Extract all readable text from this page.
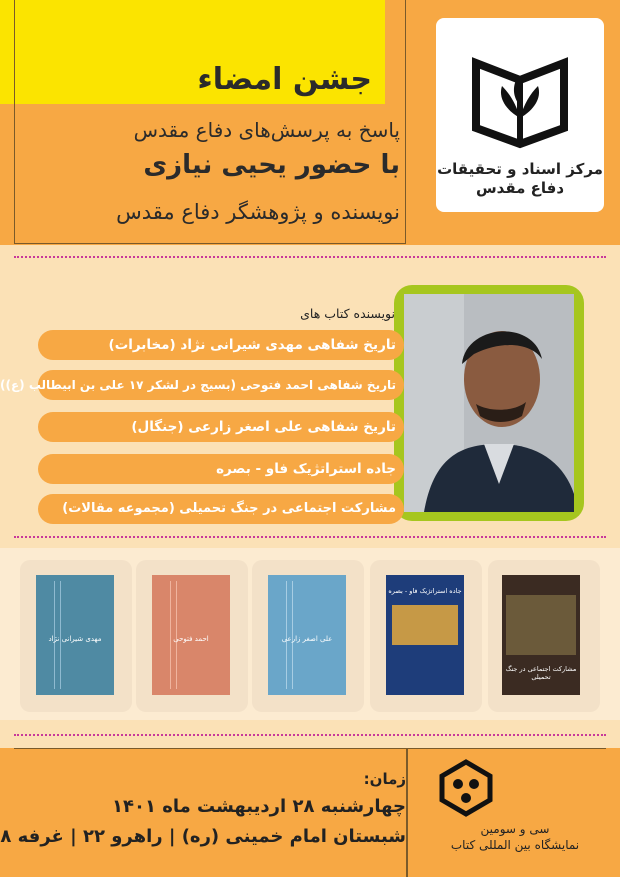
جشن امضاء
پاسخ به پرسش‌های دفاع مقدس
با حضور یحیی نیازی
نویسنده و پژوهشگر دفاع مقدس
مرکز اسناد و تحقیقات
دفاع مقدس
نویسنده کتاب های
تاریخ شفاهی مهدی شیرانی نژاد (مخابرات)
تاریخ شفاهی احمد فتوحی (بسیج در لشکر ۱۷ علی بن ابیطالب (ع))
تاریخ شفاهی علی اصغر زارعی (جنگال)
جاده استراتژیک فاو - بصره
مشارکت اجتماعی در جنگ تحمیلی (مجموعه مقالات)
مهدی شیرانی نژاد	احمد فتوحی	علی اصغر زارعی
جاده استراتژیک فاو - بصره
مشارکت اجتماعی در جنگ تحمیلی
زمان:
چهارشنبه ۲۸ اردیبهشت ماه ۱۴۰۱
شبستان امام خمینی (ره) | راهرو ۲۲ | غرفه ۸	سی و سومین
نمایشگاه بین المللی کتاب
